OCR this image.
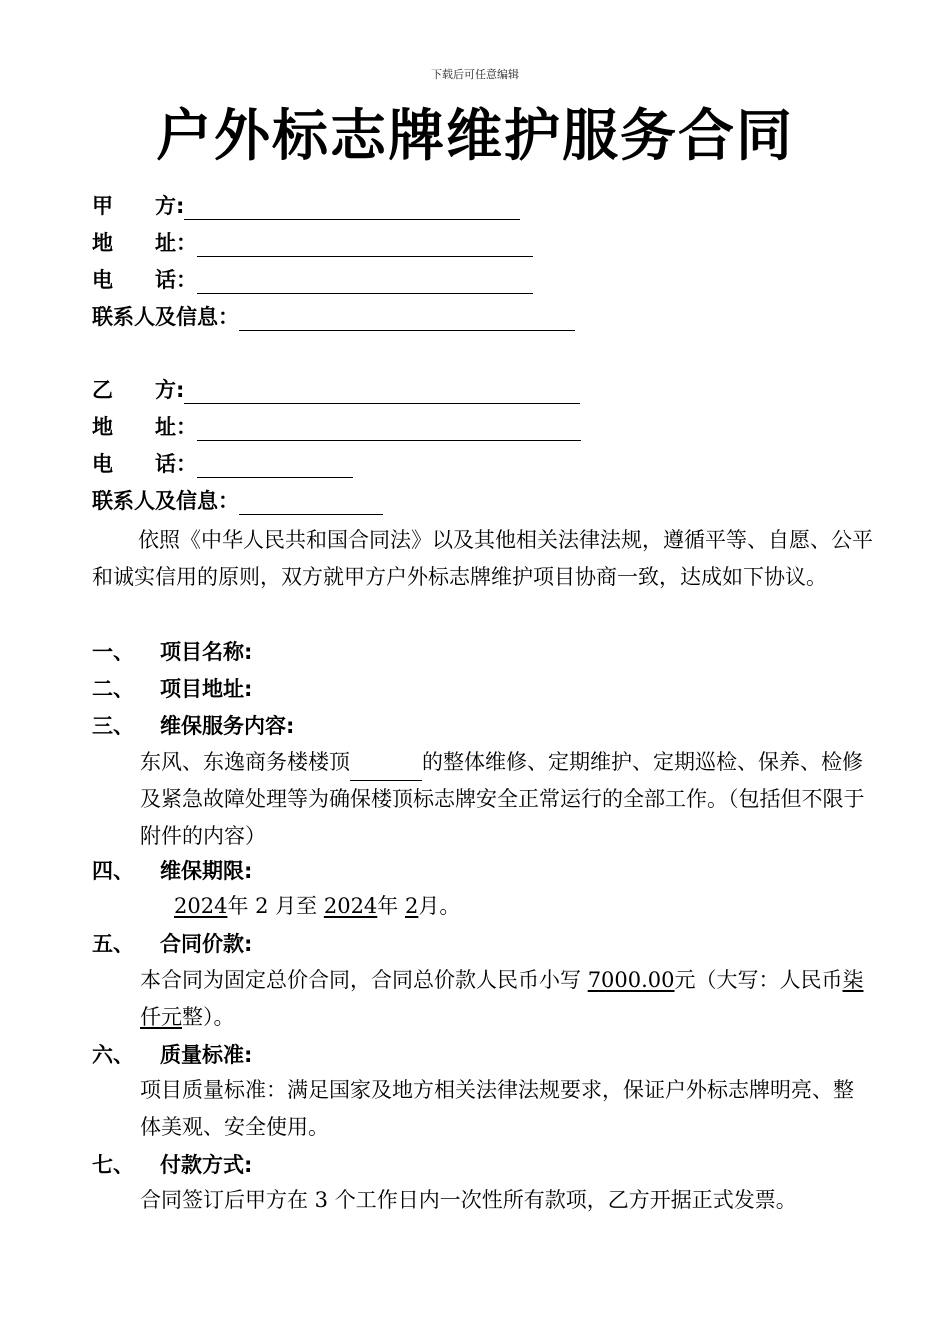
下载后可任意编辑
户外标志牌维护服务合同
甲　　方:
地　　址：
电　　话：
联系人及信息：
乙　　方:
地　　址：
电　　话：
联系人及信息：

依照《中华人民共和国合同法》以及其他相关法律法规，遵循平等、自愿、公平和诚实信用的原则，双方就甲方户外标志牌维护项目协商一致，达成如下协议。

一、 项目名称:
二、 项目地址:
三、 维保服务内容:

东风、东逸商务楼楼顶	的整体维修、定期维护、定期巡检、保养、检修及紧急故障处理等为确保楼顶标志牌安全正常运行的全部工作。（包括但不限于附件的内容）

四、 维保期限:

2024年 2 月至 2024年 2月。

五、 合同价款:

本合同为固定总价合同，合同总价款人民币小写 7000.00元（大写：人民币柒仟元整）。

六、 质量标准:

项目质量标准：满足国家及地方相关法律法规要求，保证户外标志牌明亮、整体美观、安全使用。

七、 付款方式:

合同签订后甲方在 3 个工作日内一次性所有款项，乙方开据正式发票。
